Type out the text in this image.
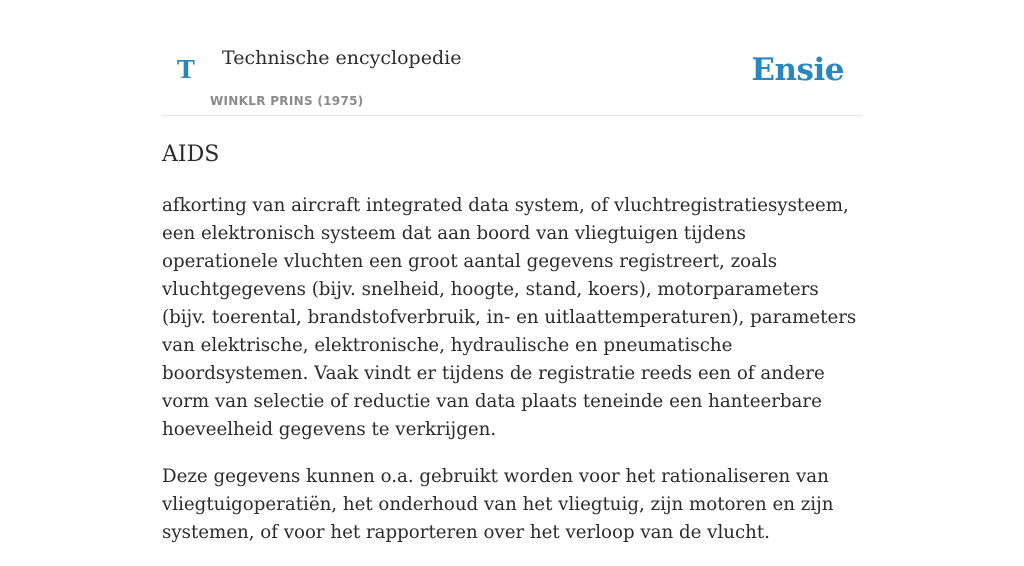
T Technische encyclopedie
WINKLR PRINS (1975)
Ensie
AIDS

afkorting van aircraft integrated data system, of vluchtregistratiesysteem, een elektronisch systeem dat aan boord van vliegtuigen tijdens operationele vluchten een groot aantal gegevens registreert, zoals vluchtgegevens (bijv. snelheid, hoogte, stand, koers), motorparameters (bijv. toerental, brandstofverbruik, in- en uitlaattemperaturen), parameters van elektrische, elektronische, hydraulische en pneumatische boordsystemen. Vaak vindt er tijdens de registratie reeds een of andere vorm van selectie of reductie van data plaats teneinde een hanteerbare hoeveelheid gegevens te verkrijgen.

Deze gegevens kunnen o.a. gebruikt worden voor het rationaliseren van vliegtuigoperatiën, het onderhoud van het vliegtuig, zijn motoren en zijn systemen, of voor het rapporteren over het verloop van de vlucht.
